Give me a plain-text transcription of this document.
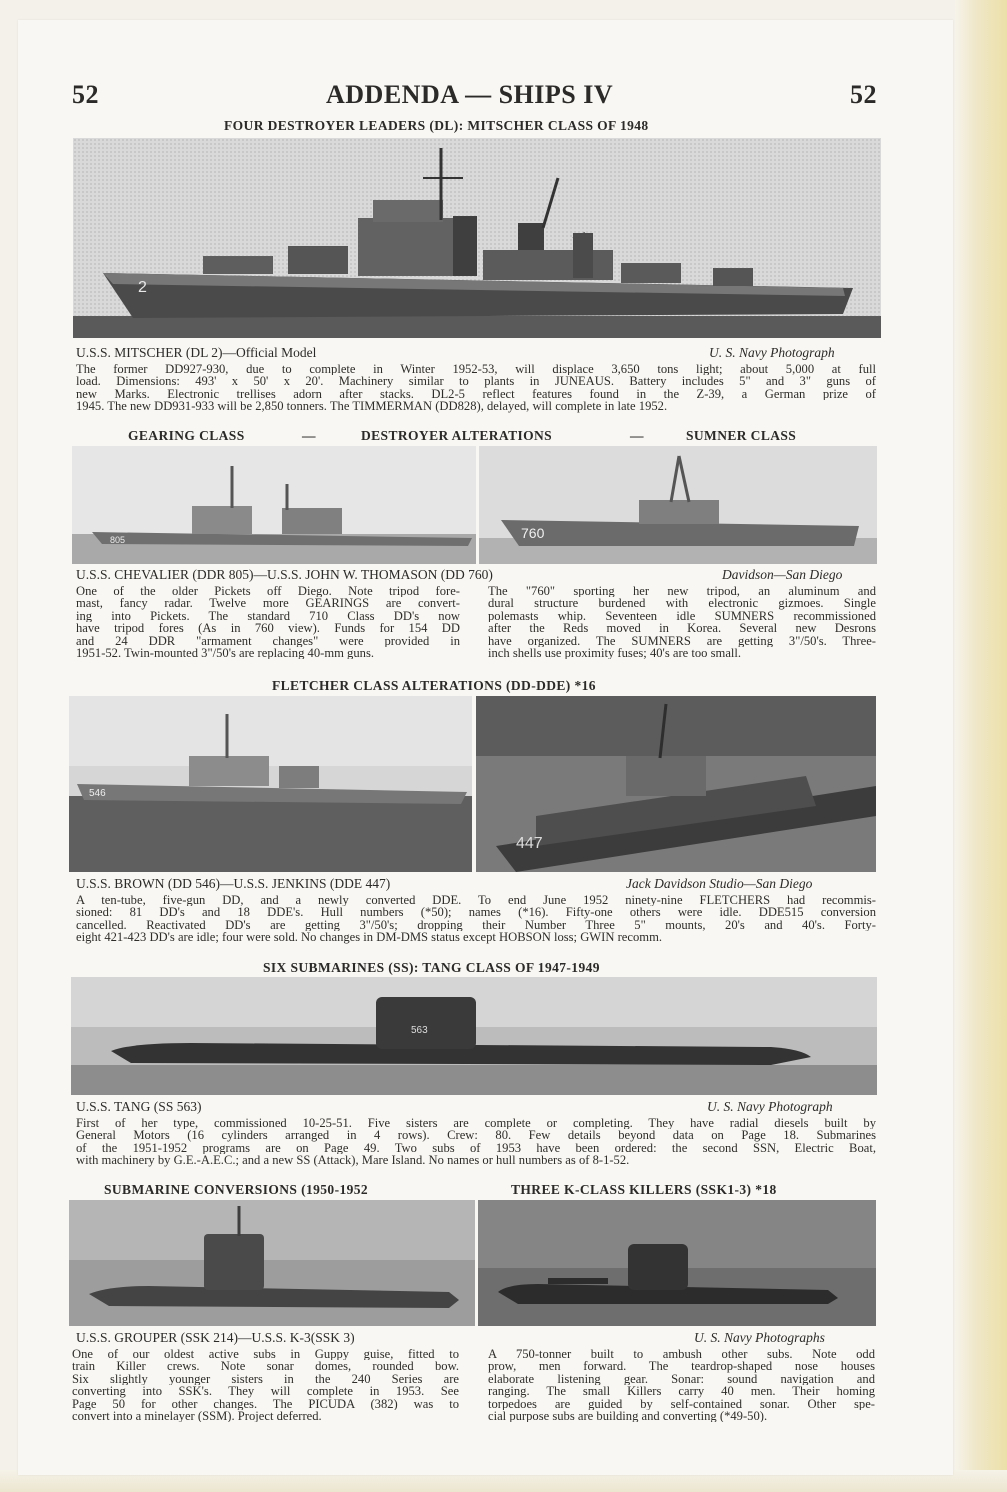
52	ADDENDA — SHIPS IV	52
FOUR DESTROYER LEADERS (DL): MITSCHER CLASS OF 1948
2
U.S.S. MITSCHER (DL 2)—Official Model	U. S. Navy Photograph
The former DD927-930, due to complete in Winter 1952-53, will displace 3,650 tons light; about 5,000 at full
load. Dimensions: 493' x 50' x 20'. Machinery similar to plants in JUNEAUS. Battery includes 5" and 3" guns of
new Marks. Electronic trellises adorn after stacks. DL2-5 reflect features found in the Z-39, a German prize of
1945. The new DD931-933 will be 2,850 tonners. The TIMMERMAN (DD828), delayed, will complete in late 1952.
GEARING CLASS	—	DESTROYER ALTERATIONS	—	SUMNER CLASS
805	760
U.S.S. CHEVALIER (DDR 805)—U.S.S. JOHN W. THOMASON (DD 760)	Davidson—San Diego
One of the older Pickets off Diego. Note tripod fore-
mast, fancy radar. Twelve more GEARINGS are convert-
ing into Pickets. The standard 710 Class DD's now
have tripod fores (As in 760 view). Funds for 154 DD
and 24 DDR "armament changes" were provided in
1951-52. Twin-mounted 3"/50's are replacing 40-mm guns.
The "760" sporting her new tripod, an aluminum and
dural structure burdened with electronic gizmoes. Single
polemasts whip. Seventeen idle SUMNERS recommissioned
after the Reds moved in Korea. Several new Desrons
have organized. The SUMNERS are getting 3"/50's. Three-
inch shells use proximity fuses; 40's are too small.
FLETCHER CLASS ALTERATIONS (DD-DDE) *16
546
447
U.S.S. BROWN (DD 546)—U.S.S. JENKINS (DDE 447)	Jack Davidson Studio—San Diego
A ten-tube, five-gun DD, and a newly converted DDE. To end June 1952 ninety-nine FLETCHERS had recommis-
sioned: 81 DD's and 18 DDE's. Hull numbers (*50); names (*16). Fifty-one others were idle. DDE515 conversion
cancelled. Reactivated DD's are getting 3"/50's; dropping their Number Three 5" mounts, 20's and 40's. Forty-
eight 421-423 DD's are idle; four were sold. No changes in DM-DMS status except HOBSON loss; GWIN recomm.
SIX SUBMARINES (SS): TANG CLASS OF 1947-1949
563
U.S.S. TANG (SS 563)	U. S. Navy Photograph
First of her type, commissioned 10-25-51. Five sisters are complete or completing. They have radial diesels built by
General Motors (16 cylinders arranged in 4 rows). Crew: 80. Few details beyond data on Page 18. Submarines
of the 1951-1952 programs are on Page 49. Two subs of 1953 have been ordered: the second SSN, Electric Boat,
with machinery by G.E.-A.E.C.; and a new SS (Attack), Mare Island. No names or hull numbers as of 8-1-52.
SUBMARINE CONVERSIONS (1950-1952	THREE K-CLASS KILLERS (SSK1-3) *18
U.S.S. GROUPER (SSK 214)—U.S.S. K-3(SSK 3)	U. S. Navy Photographs
One of our oldest active subs in Guppy guise, fitted to
train Killer crews. Note sonar domes, rounded bow.
Six slightly younger sisters in the 240 Series are
converting into SSK's. They will complete in 1953. See
Page 50 for other changes. The PICUDA (382) was to
convert into a minelayer (SSM). Project deferred.
A 750-tonner built to ambush other subs. Note odd
prow, men forward. The teardrop-shaped nose houses
elaborate listening gear. Sonar: sound navigation and
ranging. The small Killers carry 40 men. Their homing
torpedoes are guided by self-contained sonar. Other spe-
cial purpose subs are building and converting (*49-50).
